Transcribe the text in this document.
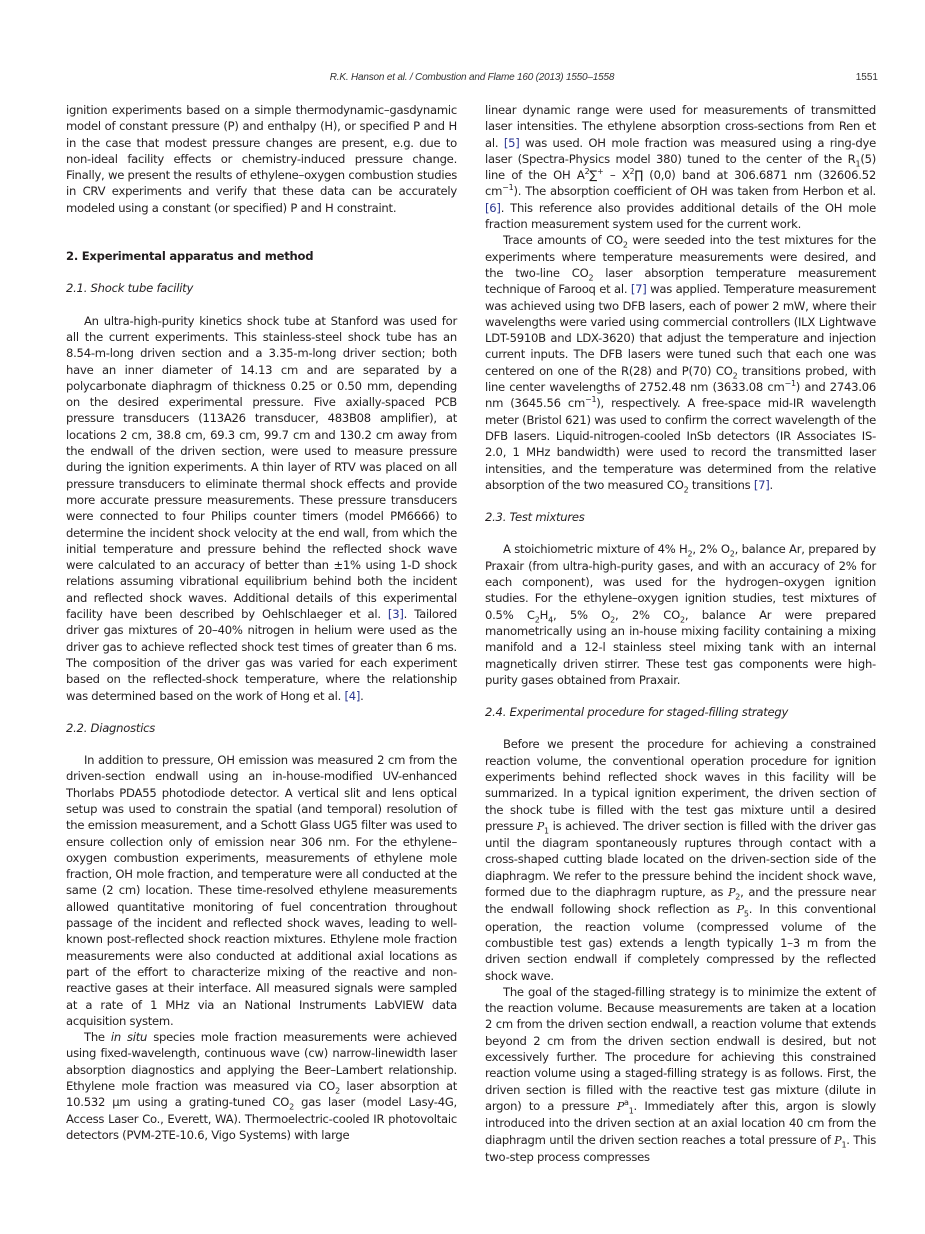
R.K. Hanson et al. / Combustion and Flame 160 (2013) 1550–1558	1551

ignition experiments based on a simple thermodynamic–gasdynamic model of constant pressure (P) and enthalpy (H), or specified P and H in the case that modest pressure changes are present, e.g. due to non-ideal facility effects or chemistry-induced pressure change. Finally, we present the results of ethylene–oxygen combustion studies in CRV experiments and verify that these data can be accurately modeled using a constant (or specified) P and H constraint.

2. Experimental apparatus and method
2.1. Shock tube facility

An ultra-high-purity kinetics shock tube at Stanford was used for all the current experiments. This stainless-steel shock tube has an 8.54-m-long driven section and a 3.35-m-long driver section; both have an inner diameter of 14.13 cm and are separated by a polycarbonate diaphragm of thickness 0.25 or 0.50 mm, depending on the desired experimental pressure. Five axially-spaced PCB pressure transducers (113A26 transducer, 483B08 amplifier), at locations 2 cm, 38.8 cm, 69.3 cm, 99.7 cm and 130.2 cm away from the endwall of the driven section, were used to measure pressure during the ignition experiments. A thin layer of RTV was placed on all pressure transducers to eliminate thermal shock effects and provide more accurate pressure measurements. These pressure transducers were connected to four Philips counter timers (model PM6666) to determine the incident shock velocity at the end wall, from which the initial temperature and pressure behind the reflected shock wave were calculated to an accuracy of better than ±1% using 1-D shock relations assuming vibrational equilibrium behind both the incident and reflected shock waves. Additional details of this experimental facility have been described by Oehlschlaeger et al. [3]. Tailored driver gas mixtures of 20–40% nitrogen in helium were used as the driver gas to achieve reflected shock test times of greater than 6 ms. The composition of the driver gas was varied for each experiment based on the reflected-shock temperature, where the relationship was determined based on the work of Hong et al. [4].

2.2. Diagnostics

In addition to pressure, OH emission was measured 2 cm from the driven-section endwall using an in-house-modified UV-enhanced Thorlabs PDA55 photodiode detector. A vertical slit and lens optical setup was used to constrain the spatial (and temporal) resolution of the emission measurement, and a Schott Glass UG5 filter was used to ensure collection only of emission near 306 nm. For the ethylene–oxygen combustion experiments, measurements of ethylene mole fraction, OH mole fraction, and temperature were all conducted at the same (2 cm) location. These time-resolved ethylene measurements allowed quantitative monitoring of fuel concentration throughout passage of the incident and reflected shock waves, leading to well-known post-reflected shock reaction mixtures. Ethylene mole fraction measurements were also conducted at additional axial locations as part of the effort to characterize mixing of the reactive and non-reactive gases at their interface. All measured signals were sampled at a rate of 1 MHz via an National Instruments LabVIEW data acquisition system.

The in situ species mole fraction measurements were achieved using fixed-wavelength, continuous wave (cw) narrow-linewidth laser absorption diagnostics and applying the Beer–Lambert relationship. Ethylene mole fraction was measured via $CO_2$ laser absorption at 10.532 μm using a grating-tuned $CO_2$ gas laser (model Lasy-4G, Access Laser Co., Everett, WA). Thermoelectric-cooled IR photovoltaic detectors (PVM-2TE-10.6, Vigo Systems) with large

linear dynamic range were used for measurements of transmitted laser intensities. The ethylene absorption cross-sections from Ren et al. [5] was used. OH mole fraction was measured using a ring-dye laser (Spectra-Physics model 380) tuned to the center of the $R_1(5)$ line of the OH $A^2\sum^+$ – $X^2\prod$ (0,0) band at 306.6871 nm (32606.52 $cm^{-1}$). The absorption coefficient of OH was taken from Herbon et al. [6]. This reference also provides additional details of the OH mole fraction measurement system used for the current work.

Trace amounts of $CO_2$ were seeded into the test mixtures for the experiments where temperature measurements were desired, and the two-line $CO_2$ laser absorption temperature measurement technique of Farooq et al. [7] was applied. Temperature measurement was achieved using two DFB lasers, each of power 2 mW, where their wavelengths were varied using commercial controllers (ILX Lightwave LDT-5910B and LDX-3620) that adjust the temperature and injection current inputs. The DFB lasers were tuned such that each one was centered on one of the R(28) and P(70) $CO_2$ transitions probed, with line center wavelengths of 2752.48 nm (3633.08 $cm^{-1}$) and 2743.06 nm (3645.56 $cm^{-1}$), respectively. A free-space mid-IR wavelength meter (Bristol 621) was used to confirm the correct wavelength of the DFB lasers. Liquid-nitrogen-cooled InSb detectors (IR Associates IS-2.0, 1 MHz bandwidth) were used to record the transmitted laser intensities, and the temperature was determined from the relative absorption of the two measured $CO_2$ transitions [7].

2.3. Test mixtures

A stoichiometric mixture of 4% $H_2$, 2% $O_2$, balance Ar, prepared by Praxair (from ultra-high-purity gases, and with an accuracy of 2% for each component), was used for the hydrogen–oxygen ignition studies. For the ethylene–oxygen ignition studies, test mixtures of 0.5% $C_2H_4$, 5% $O_2$, 2% $CO_2$, balance Ar were prepared manometrically using an in-house mixing facility containing a mixing manifold and a 12-l stainless steel mixing tank with an internal magnetically driven stirrer. These test gas components were high-purity gases obtained from Praxair.

2.4. Experimental procedure for staged-filling strategy

Before we present the procedure for achieving a constrained reaction volume, the conventional operation procedure for ignition experiments behind reflected shock waves in this facility will be summarized. In a typical ignition experiment, the driven section of the shock tube is filled with the test gas mixture until a desired pressure $P_1$ is achieved. The driver section is filled with the driver gas until the diagram spontaneously ruptures through contact with a cross-shaped cutting blade located on the driven-section side of the diaphragm. We refer to the pressure behind the incident shock wave, formed due to the diaphragm rupture, as $P_2$, and the pressure near the endwall following shock reflection as $P_5$. In this conventional operation, the reaction volume (compressed volume of the combustible test gas) extends a length typically 1–3 m from the driven section endwall if completely compressed by the reflected shock wave.

The goal of the staged-filling strategy is to minimize the extent of the reaction volume. Because measurements are taken at a location 2 cm from the driven section endwall, a reaction volume that extends beyond 2 cm from the driven section endwall is desired, but not excessively further. The procedure for achieving this constrained reaction volume using a staged-filling strategy is as follows. First, the driven section is filled with the reactive test gas mixture (dilute in argon) to a pressure $P^a_1$. Immediately after this, argon is slowly introduced into the driven section at an axial location 40 cm from the diaphragm until the driven section reaches a total pressure of $P_1$. This two-step process compresses
